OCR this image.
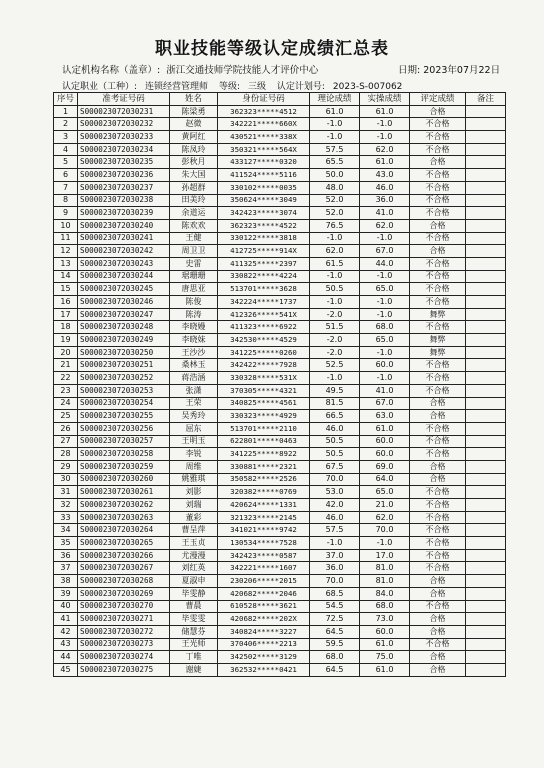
职业技能等级认定成绩汇总表
认定机构名称（盖章）: 浙江交通技师学院技能人才评价中心	日期: 2023年07月22日
认定职业（工种）: 连锁经营管理师 等级: 三级 认定计划号: 2023-S-007062
序号	准考证号码	姓名	身份证号码	理论成绩	实操成绩	评定成绩	备注
1	S000023072030231	陈梁勇	362323*****4512	61.0	61.0	合格	
2	S000023072030232	赵微	342221*****660X	-1.0	-1.0	不合格	
3	S000023072030233	黄阿红	430521*****338X	-1.0	-1.0	不合格	
4	S000023072030234	陈凤玲	350321*****564X	57.5	62.0	不合格	
5	S000023072030235	彭秋月	433127*****0320	65.5	61.0	合格	
6	S000023072030236	朱大国	411524*****5116	50.0	43.0	不合格	
7	S000023072030237	孙超群	330102*****0035	48.0	46.0	不合格	
8	S000023072030238	田美玲	350624*****3049	52.0	36.0	不合格	
9	S000023072030239	余道运	342423*****3074	52.0	41.0	不合格	
10	S000023072030240	陈欢欢	362323*****4522	76.5	62.0	合格	
11	S000023072030241	王健	330122*****3818	-1.0	-1.0	不合格	
12	S000023072030242	周卫卫	412725*****914X	62.0	67.0	合格	
13	S000023072030243	史雷	411325*****2397	61.5	44.0	不合格	
14	S000023072030244	琚珊珊	330822*****4224	-1.0	-1.0	不合格	
15	S000023072030245	唐思亚	513701*****3628	50.5	65.0	不合格	
16	S000023072030246	陈俊	342224*****1737	-1.0	-1.0	不合格	
17	S000023072030247	陈涛	412326*****541X	-2.0	-1.0	舞弊	
18	S000023072030248	李晓嫚	411323*****6922	51.5	68.0	不合格	
19	S000023072030249	李晓妹	342530*****4529	-2.0	65.0	舞弊	
20	S000023072030250	王沙沙	341225*****0260	-2.0	-1.0	舞弊	
21	S000023072030251	桑林玉	342422*****7928	52.5	60.0	不合格	
22	S000023072030252	蒋浩涵	330328*****531X	-1.0	-1.0	不合格	
23	S000023072030253	张潇	370305*****4321	49.5	41.0	不合格	
24	S000023072030254	王荣	340825*****4561	81.5	67.0	合格	
25	S000023072030255	吴秀玲	330323*****4929	66.5	63.0	合格	
26	S000023072030256	屈东	513701*****2110	46.0	61.0	不合格	
27	S000023072030257	王明玉	622801*****0463	50.5	60.0	不合格	
28	S000023072030258	李锐	341225*****8922	50.5	60.0	不合格	
29	S000023072030259	周维	330881*****2321	67.5	69.0	合格	
30	S000023072030260	姚雅琪	350582*****2526	70.0	64.0	合格	
31	S000023072030261	刘影	320382*****0769	53.0	65.0	不合格	
32	S000023072030262	刘瑞	420624*****1331	42.0	21.0	不合格	
33	S000023072030263	董彩	321323*****2145	46.0	62.0	不合格	
34	S000023072030264	曹呈萍	341021*****9742	57.5	70.0	不合格	
35	S000023072030265	王玉贞	130534*****7528	-1.0	-1.0	不合格	
36	S000023072030266	尤漫漫	342423*****0587	37.0	17.0	不合格	
37	S000023072030267	刘红英	342221*****1607	36.0	81.0	不合格	
38	S000023072030268	夏淑申	230206*****2015	70.0	81.0	合格	
39	S000023072030269	毕雯静	420682*****2046	68.5	84.0	合格	
40	S000023072030270	曹晨	610528*****3621	54.5	68.0	不合格	
41	S000023072030271	毕雯雯	420682*****202X	72.5	73.0	合格	
42	S000023072030272	储慧芬	340824*****3227	64.5	60.0	合格	
43	S000023072030273	王光师	370406*****2213	59.5	61.0	不合格	
44	S000023072030274	丁唯	342502*****3129	68.0	75.0	合格	
45	S000023072030275	谢婕	362532*****0421	64.5	61.0	合格	
